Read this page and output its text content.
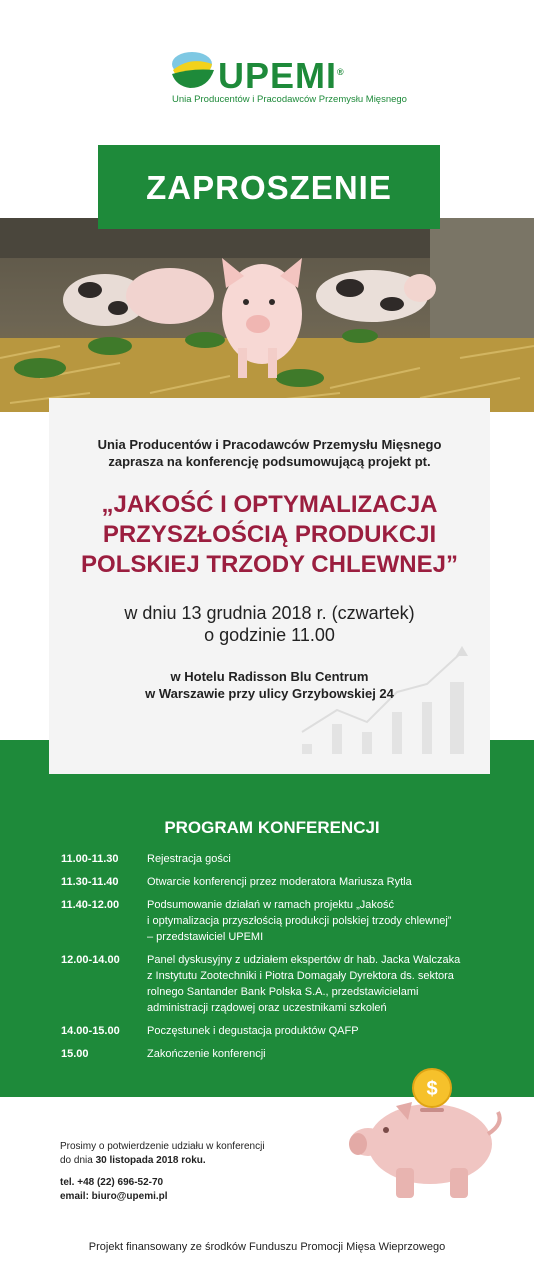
UPEMI®
Unia Producentów i Pracodawców Przemysłu Mięsnego
ZAPROSZENIE
Unia Producentów i Pracodawców Przemysłu Mięsnego
zaprasza na konferencję podsumowującą projekt pt.
„JAKOŚĆ I OPTYMALIZACJA
PRZYSZŁOŚCIĄ PRODUKCJI
POLSKIEJ TRZODY CHLEWNEJ”
w dniu 13 grudnia 2018 r. (czwartek)
o godzinie 11.00
w Hotelu Radisson Blu Centrum
w Warszawie przy ulicy Grzybowskiej 24
PROGRAM KONFERENCJI
11.00-11.30	Rejestracja gości
11.30-11.40	Otwarcie konferencji przez moderatora Mariusza Rytla
11.40-12.00	Podsumowanie działań w ramach projektu „Jakość
i optymalizacja przyszłością produkcji polskiej trzody chlewnej”
– przedstawiciel UPEMI
12.00-14.00	Panel dyskusyjny z udziałem ekspertów dr hab. Jacka Walczaka
z Instytutu Zootechniki i Piotra Domagały Dyrektora ds. sektora
rolnego Santander Bank Polska S.A., przedstawicielami
administracji rządowej oraz uczestnikami szkoleń
14.00-15.00	Poczęstunek i degustacja produktów QAFP
15.00	Zakończenie konferencji
Prosimy o potwierdzenie udziału w konferencji
do dnia 30 listopada 2018 roku.
tel. +48 (22) 696-52-70
email: biuro@upemi.pl
$
Projekt finansowany ze środków Funduszu Promocji Mięsa Wieprzowego
